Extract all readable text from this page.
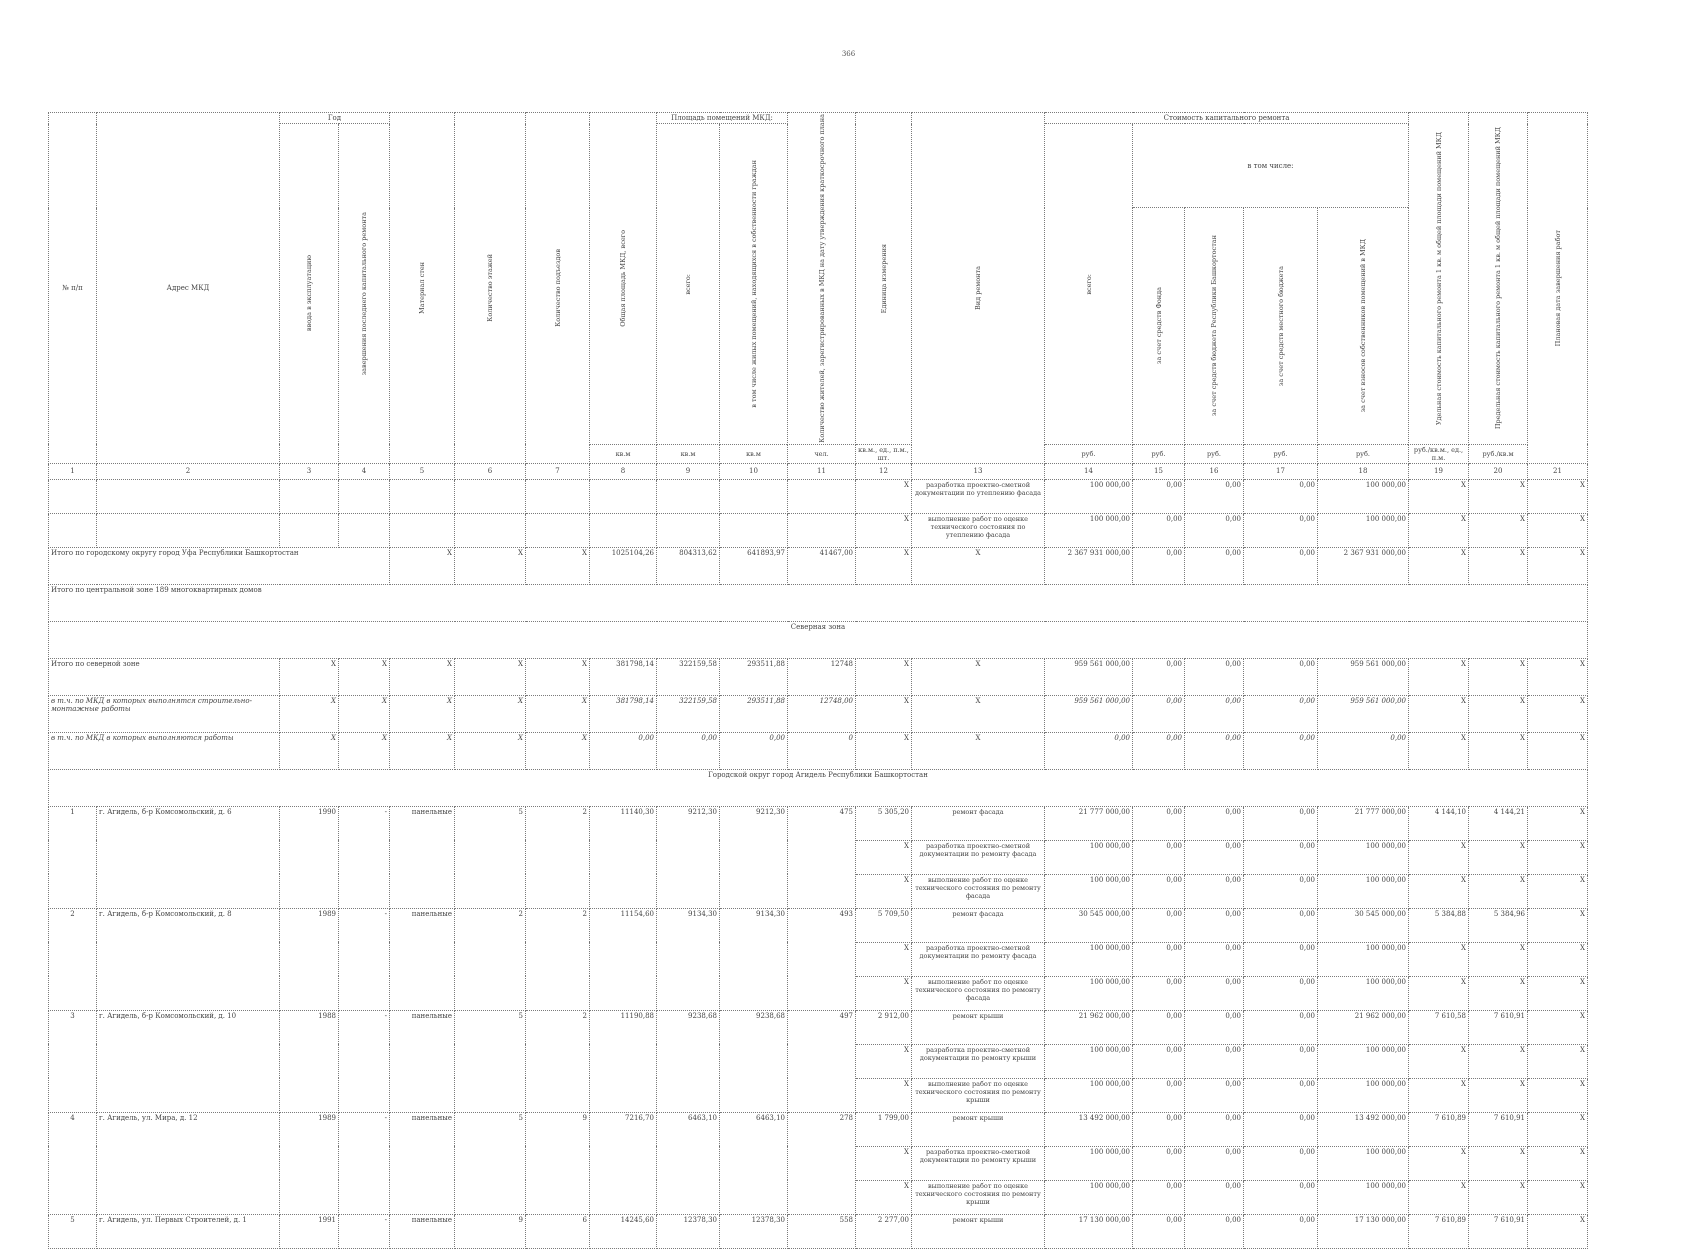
366
№ п/п	Адрес МКД	Год		Материал стен	Количество этажей	Количество подъездов	Общая площадь МКД, всего	Площадь помещений МКД:		Количество жителей, зарегистрированных в МКД на дату утверждения краткосрочного плана	Единица измерения	Вид ремонта	Стоимость капитального ремонта					Удельная стоимость капитального ремонта 1 кв. м общей площади помещений МКД	Предельная стоимость капитального ремонта 1 кв. м общей площади помещений МКД	Плановая дата завершения работ

		ввода в эксплуатацию	завершения последнего капитального ремонта					всего:	в том числе жилых помещений, находящихся в собственности граждан				всего:	в том числе:						

														за счет средств Фонда	за счет средств бюджета Республики Башкортостан	за счет средств местного бюджета	за счет взносов собственников помещений в МКД			

							кв.м	кв.м	кв.м	чел.	кв.м., ед., п.м., шт.		руб.	руб.	руб.	руб.	руб.	руб./кв.м., ед., п.м.	руб./кв.м	
1	2	3	4	5	6	7	8	9	10	11	12	13	14	15	16	17	18	19	20	21
											X	разработка проектно-сметной документации по утеплению фасада	100 000,00	0,00	0,00	0,00	100 000,00	X	X	X
											X	выполнение работ по оценке технического состояния по утеплению фасада	100 000,00	0,00	0,00	0,00	100 000,00	X	X	X
Итого по городскому округу город Уфа Республики Башкортостан				X	X	X	1025104,26	804313,62	641893,97	41467,00	X	X	2 367 931 000,00	0,00	0,00	0,00	2 367 931 000,00	X	X	X
Итого по центральной зоне 189 многоквартирных домов																				
Северная зона																				
Итого по северной зоне		X	X	X	X	X	381798,14	322159,58	293511,88	12748	X	X	959 561 000,00	0,00	0,00	0,00	959 561 000,00	X	X	X
в т.ч. по МКД в которых выполнятся строительно-монтажные работы		X	X	X	X	X	381798,14	322159,58	293511,88	12748,00	X	X	959 561 000,00	0,00	0,00	0,00	959 561 000,00	X	X	X
в т.ч. по МКД в которых выполняются работы		X	X	X	X	X	0,00	0,00	0,00	0	X	X	0,00	0,00	0,00	0,00	0,00	X	X	X
Городской округ город Агидель Республики Башкортостан																				
1	г. Агидель, б-р Комсомольский, д. 6	1990	-	панельные	5	2	11140,30	9212,30	9212,30	475	5 305,20	ремонт фасада	21 777 000,00	0,00	0,00	0,00	21 777 000,00	4 144,10	4 144,21	X
											X	разработка проектно-сметной документации по ремонту фасада	100 000,00	0,00	0,00	0,00	100 000,00	X	X	X
											X	выполнение работ по оценке технического состояния по ремонту фасада	100 000,00	0,00	0,00	0,00	100 000,00	X	X	X
2	г. Агидель, б-р Комсомольский, д. 8	1989	-	панельные	2	2	11154,60	9134,30	9134,30	493	5 709,50	ремонт фасада	30 545 000,00	0,00	0,00	0,00	30 545 000,00	5 384,88	5 384,96	X
											X	разработка проектно-сметной документации по ремонту фасада	100 000,00	0,00	0,00	0,00	100 000,00	X	X	X
											X	выполнение работ по оценке технического состояния по ремонту фасада	100 000,00	0,00	0,00	0,00	100 000,00	X	X	X
3	г. Агидель, б-р Комсомольский, д. 10	1988	-	панельные	5	2	11190,88	9238,68	9238,68	497	2 912,00	ремонт крыши	21 962 000,00	0,00	0,00	0,00	21 962 000,00	7 610,58	7 610,91	X
											X	разработка проектно-сметной документации по ремонту крыши	100 000,00	0,00	0,00	0,00	100 000,00	X	X	X
											X	выполнение работ по оценке технического состояния по ремонту крыши	100 000,00	0,00	0,00	0,00	100 000,00	X	X	X
4	г. Агидель, ул. Мира, д. 12	1989	-	панельные	5	9	7216,70	6463,10	6463,10	278	1 799,00	ремонт крыши	13 492 000,00	0,00	0,00	0,00	13 492 000,00	7 610,89	7 610,91	X
											X	разработка проектно-сметной документации по ремонту крыши	100 000,00	0,00	0,00	0,00	100 000,00	X	X	X
											X	выполнение работ по оценке технического состояния по ремонту крыши	100 000,00	0,00	0,00	0,00	100 000,00	X	X	X
5	г. Агидель, ул. Первых Строителей, д. 1	1991	-	панельные	9	6	14245,60	12378,30	12378,30	558	2 277,00	ремонт крыши	17 130 000,00	0,00	0,00	0,00	17 130 000,00	7 610,89	7 610,91	X
